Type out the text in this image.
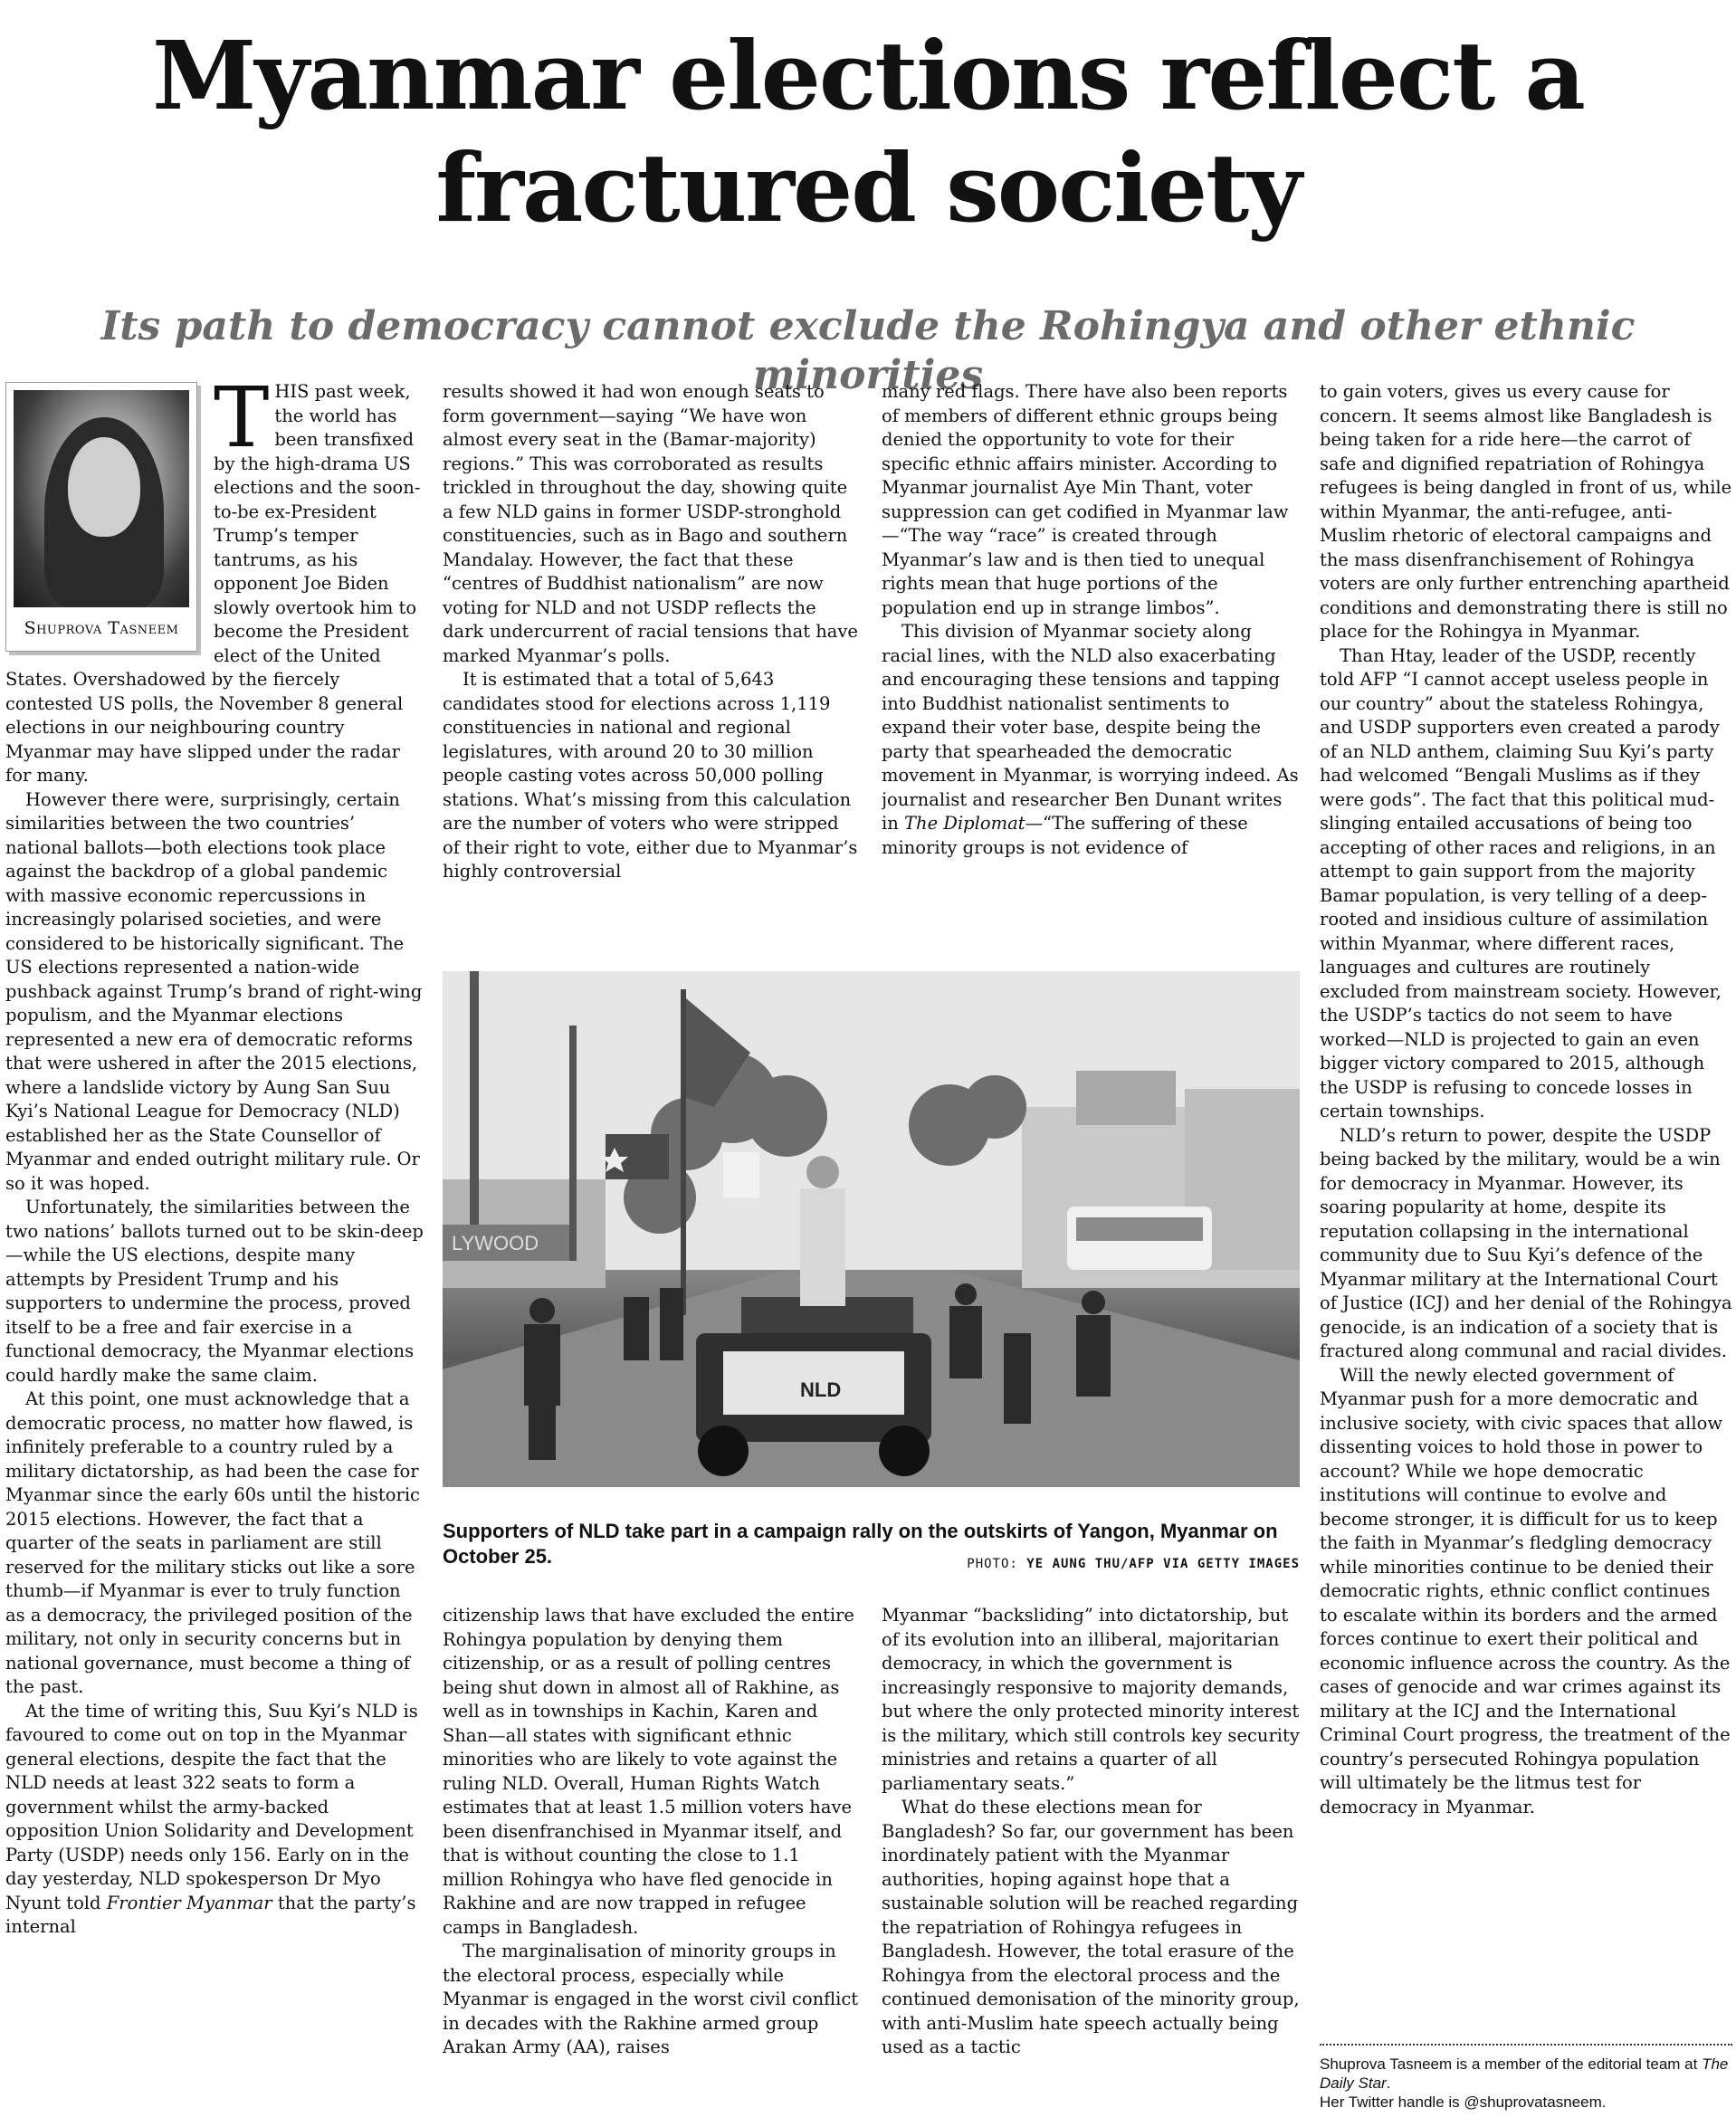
Myanmar elections reflect a
fractured society
Its path to democracy cannot exclude the Rohingya and other ethnic minorities
Shuprova Tasneem

THIS past week, the world has been transfixed by the high-drama US elections and the soon-to-be ex-President Trump’s temper tantrums, as his opponent Joe Biden slowly overtook him to become the President elect of the United States. Overshadowed by the fiercely contested US polls, the November 8 general elections in our neighbouring country Myanmar may have slipped under the radar for many.

However there were, surprisingly, certain similarities between the two countries’ national ballots—both elections took place against the backdrop of a global pandemic with massive economic repercussions in increasingly polarised societies, and were considered to be historically significant. The US elections represented a nation-wide pushback against Trump’s brand of right-wing populism, and the Myanmar elections represented a new era of democratic reforms that were ushered in after the 2015 elections, where a landslide victory by Aung San Suu Kyi’s National League for Democracy (NLD) established her as the State Counsellor of Myanmar and ended outright military rule. Or so it was hoped.

Unfortunately, the similarities between the two nations’ ballots turned out to be skin-deep—while the US elections, despite many attempts by President Trump and his supporters to undermine the process, proved itself to be a free and fair exercise in a functional democracy, the Myanmar elections could hardly make the same claim.

At this point, one must acknowledge that a democratic process, no matter how flawed, is infinitely preferable to a country ruled by a military dictatorship, as had been the case for Myanmar since the early 60s until the historic 2015 elections. However, the fact that a quarter of the seats in parliament are still reserved for the military sticks out like a sore thumb—if Myanmar is ever to truly function as a democracy, the privileged position of the military, not only in security concerns but in national governance, must become a thing of the past.

At the time of writing this, Suu Kyi’s NLD is favoured to come out on top in the Myanmar general elections, despite the fact that the NLD needs at least 322 seats to form a government whilst the army-backed opposition Union Solidarity and Development Party (USDP) needs only 156. Early on in the day yesterday, NLD spokesperson Dr Myo Nyunt told Frontier Myanmar that the party’s internal

results showed it had won enough seats to form government—saying “We have won almost every seat in the (Bamar-majority) regions.” This was corroborated as results trickled in throughout the day, showing quite a few NLD gains in former USDP-stronghold constituencies, such as in Bago and southern Mandalay. However, the fact that these “centres of Buddhist nationalism” are now voting for NLD and not USDP reflects the dark undercurrent of racial tensions that have marked Myanmar’s polls.

It is estimated that a total of 5,643 candidates stood for elections across 1,119 constituencies in national and regional legislatures, with around 20 to 30 million people casting votes across 50,000 polling stations. What’s missing from this calculation are the number of voters who were stripped of their right to vote, either due to Myanmar’s highly controversial

many red flags. There have also been reports of members of different ethnic groups being denied the opportunity to vote for their specific ethnic affairs minister. According to Myanmar journalist Aye Min Thant, voter suppression can get codified in Myanmar law—“The way “race” is created through Myanmar’s law and is then tied to unequal rights mean that huge portions of the population end up in strange limbos”.

This division of Myanmar society along racial lines, with the NLD also exacerbating and encouraging these tensions and tapping into Buddhist nationalist sentiments to expand their voter base, despite being the party that spearheaded the democratic movement in Myanmar, is worrying indeed. As journalist and researcher Ben Dunant writes in The Diplomat—“The suffering of these minority groups is not evidence of

LYWOOD
NLD
Supporters of NLD take part in a campaign rally on the outskirts of Yangon, Myanmar on October 25.	PHOTO: YE AUNG THU/AFP VIA GETTY IMAGES

citizenship laws that have excluded the entire Rohingya population by denying them citizenship, or as a result of polling centres being shut down in almost all of Rakhine, as well as in townships in Kachin, Karen and Shan—all states with significant ethnic minorities who are likely to vote against the ruling NLD. Overall, Human Rights Watch estimates that at least 1.5 million voters have been disenfranchised in Myanmar itself, and that is without counting the close to 1.1 million Rohingya who have fled genocide in Rakhine and are now trapped in refugee camps in Bangladesh.

The marginalisation of minority groups in the electoral process, especially while Myanmar is engaged in the worst civil conflict in decades with the Rakhine armed group Arakan Army (AA), raises

Myanmar “backsliding” into dictatorship, but of its evolution into an illiberal, majoritarian democracy, in which the government is increasingly responsive to majority demands, but where the only protected minority interest is the military, which still controls key security ministries and retains a quarter of all parliamentary seats.”

What do these elections mean for Bangladesh? So far, our government has been inordinately patient with the Myanmar authorities, hoping against hope that a sustainable solution will be reached regarding the repatriation of Rohingya refugees in Bangladesh. However, the total erasure of the Rohingya from the electoral process and the continued demonisation of the minority group, with anti-Muslim hate speech actually being used as a tactic

to gain voters, gives us every cause for concern. It seems almost like Bangladesh is being taken for a ride here—the carrot of safe and dignified repatriation of Rohingya refugees is being dangled in front of us, while within Myanmar, the anti-refugee, anti-Muslim rhetoric of electoral campaigns and the mass disenfranchisement of Rohingya voters are only further entrenching apartheid conditions and demonstrating there is still no place for the Rohingya in Myanmar.

Than Htay, leader of the USDP, recently told AFP “I cannot accept useless people in our country” about the stateless Rohingya, and USDP supporters even created a parody of an NLD anthem, claiming Suu Kyi’s party had welcomed “Bengali Muslims as if they were gods”. The fact that this political mud-slinging entailed accusations of being too accepting of other races and religions, in an attempt to gain support from the majority Bamar population, is very telling of a deep-rooted and insidious culture of assimilation within Myanmar, where different races, languages and cultures are routinely excluded from mainstream society. However, the USDP’s tactics do not seem to have worked—NLD is projected to gain an even bigger victory compared to 2015, although the USDP is refusing to concede losses in certain townships.

NLD’s return to power, despite the USDP being backed by the military, would be a win for democracy in Myanmar. However, its soaring popularity at home, despite its reputation collapsing in the international community due to Suu Kyi’s defence of the Myanmar military at the International Court of Justice (ICJ) and her denial of the Rohingya genocide, is an indication of a society that is fractured along communal and racial divides.

Will the newly elected government of Myanmar push for a more democratic and inclusive society, with civic spaces that allow dissenting voices to hold those in power to account? While we hope democratic institutions will continue to evolve and become stronger, it is difficult for us to keep the faith in Myanmar’s fledgling democracy while minorities continue to be denied their democratic rights, ethnic conflict continues to escalate within its borders and the armed forces continue to exert their political and economic influence across the country. As the cases of genocide and war crimes against its military at the ICJ and the International Criminal Court progress, the treatment of the country’s persecuted Rohingya population will ultimately be the litmus test for democracy in Myanmar.

Shuprova Tasneem is a member of the editorial team at The Daily Star.
Her Twitter handle is @shuprovatasneem.
